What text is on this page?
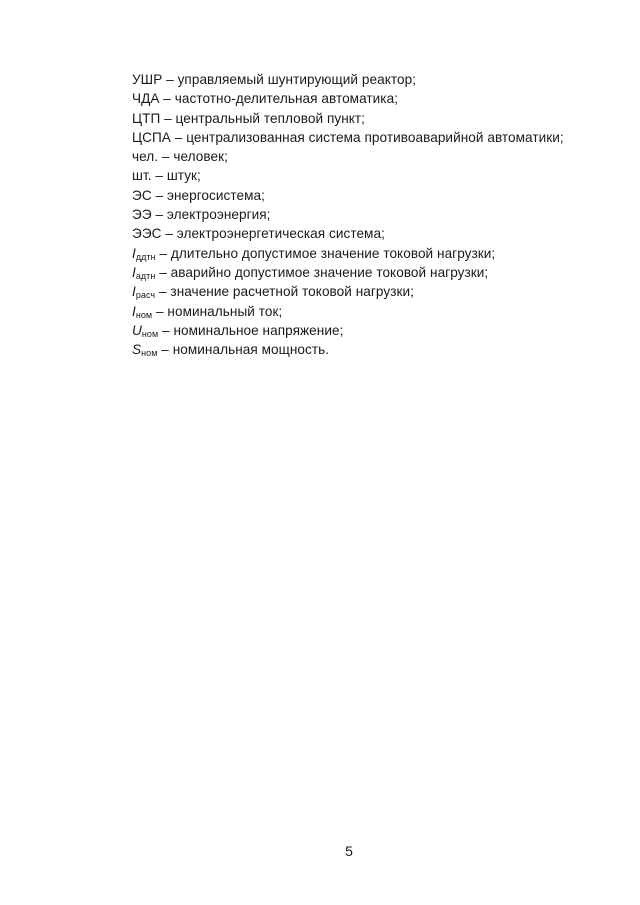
УШР – управляемый шунтирующий реактор;
ЧДА – частотно-делительная автоматика;
ЦТП – центральный тепловой пункт;
ЦСПА – централизованная система противоаварийной автоматики;
чел. – человек;
шт. – штук;
ЭС – энергосистема;
ЭЭ – электроэнергия;
ЭЭС – электроэнергетическая система;
$I_{ддтн}$ – длительно допустимое значение токовой нагрузки;
$I_{адтн}$ – аварийно допустимое значение токовой нагрузки;
$I_{расч}$ – значение расчетной токовой нагрузки;
$I_{ном}$ – номинальный ток;
$U_{ном}$ – номинальное напряжение;
$S_{ном}$ – номинальная мощность.
5
